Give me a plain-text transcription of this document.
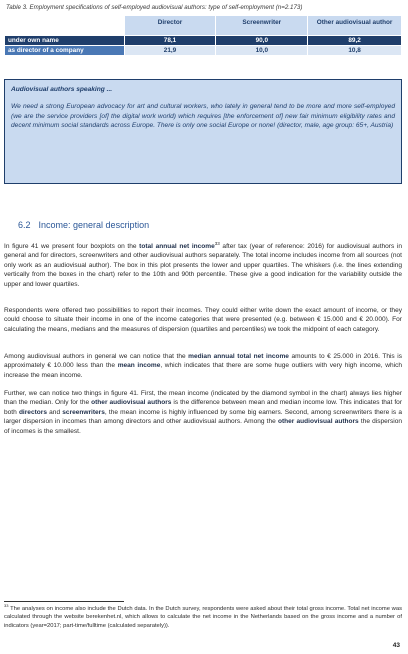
Table 3. Employment specifications of self-employed audiovisual authors: type of self-employment (n=2.173)
	Director	Screenwriter	Other audiovisual author
under own name	78,1	90,0	89,2
as director of a company	21,9	10,0	10,8
Audiovisual authors speaking ...
We need a strong European advocacy for art and cultural workers, who lately in general tend to be more and more self-employed (we are the service providers [of] the digital work world) which requires [the enforcement of] new fair minimum eligibility rates and decent minimum social standards across Europe. There is only one social Europe or none! (director, male, age group: 65+, Austria)
6.2 Income: general description
In figure 41 we present four boxplots on the total annual net income$^{33}$ after tax (year of reference: 2016) for audiovisual authors in general and for directors, screenwriters and other audiovisual authors separately. The total income includes income from all sources (not only work as an audiovisual author). The box in this plot presents the lower and upper quartiles. The whiskers (i.e. the lines extending vertically from the boxes in the chart) refer to the 10th and 90th percentile. These give a good indication for the variability outside the upper and lower quartiles.
Respondents were offered two possibilities to report their incomes. They could either write down the exact amount of income, or they could choose to situate their income in one of the income categories that were presented (e.g. between € 15.000 and € 20.000). For calculating the means, medians and the measures of dispersion (quartiles and percentiles) we took the midpoint of each category.
Among audiovisual authors in general we can notice that the median annual total net income amounts to € 25.000 in 2016. This is approximately € 10.000 less than the mean income, which indicates that there are some huge outliers with very high income, which increase the mean income.
Further, we can notice two things in figure 41. First, the mean income (indicated by the diamond symbol in the chart) always lies higher than the median. Only for the other audiovisual authors is the difference between mean and median income low. This indicates that for both directors and screenwriters, the mean income is highly influenced by some big earners. Second, among screenwriters there is a larger dispersion in incomes than among directors and other audiovisual authors. Among the other audiovisual authors the dispersion of incomes is the smallest.
$^{33}$ The analyses on income also include the Dutch data. In the Dutch survey, respondents were asked about their total gross income. Total net income was calculated through the website berekenhet.nl, which allows to calculate the net income in the Netherlands based on the gross income and a number of indicators (year=2017; part-time/fulltime (calculated separately)).
43
